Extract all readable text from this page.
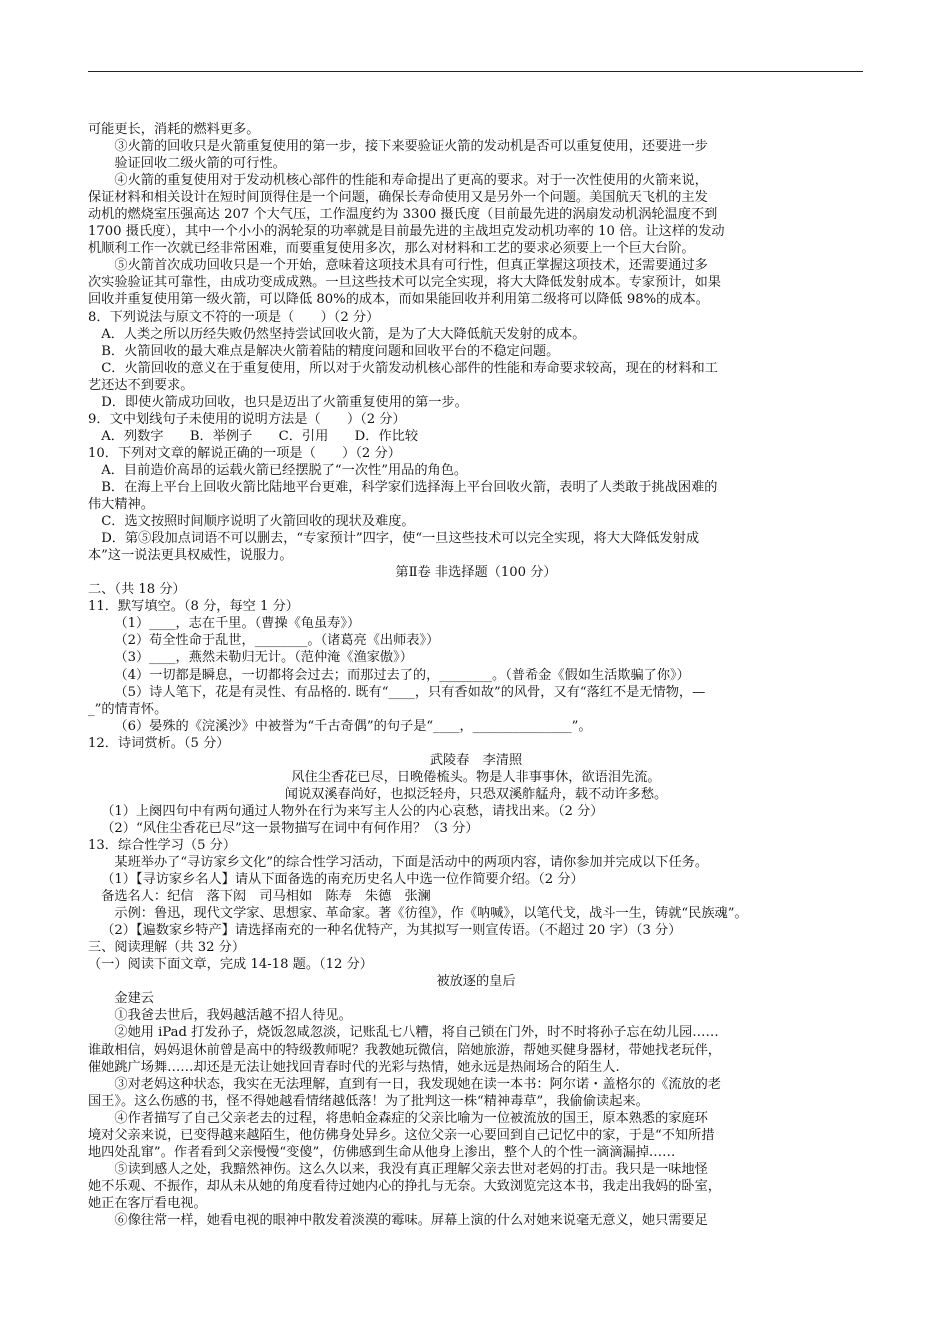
可能更长，消耗的燃料更多。

③火箭的回收只是火箭重复使用的第一步，接下来要验证火箭的发动机是否可以重复使用，还要进一步

验证回收二级火箭的可行性。

④火箭的重复使用对于发动机核心部件的性能和寿命提出了更高的要求。对于一次性使用的火箭来说，

保证材料和相关设计在短时间顶得住是一个问题，确保长寿命使用又是另外一个问题。美国航天飞机的主发

动机的燃烧室压强高达 207 个大气压，工作温度约为 3300 摄氏度（目前最先进的涡扇发动机涡轮温度不到

1700 摄氏度），其中一个小小的涡轮泵的功率就是目前最先进的主战坦克发动机功率的 10 倍。让这样的发动

机顺利工作一次就已经非常困难，而要重复使用多次，那么对材料和工艺的要求必须要上一个巨大台阶。

⑤火箭首次成功回收只是一个开始，意味着这项技术具有可行性，但真正掌握这项技术，还需要通过多

次实验验证其可靠性，由成功变成成熟。一旦这些技术可以完全实现，将大大降低发射成本。专家预计，如果

回收并重复使用第一级火箭，可以降低 80%的成本，而如果能回收并利用第二级将可以降低 98%的成本。

8．下列说法与原文不符的一项是（　　）（2 分）

A．人类之所以历经失败仍然坚持尝试回收火箭，是为了大大降低航天发射的成本。

B．火箭回收的最大难点是解决火箭着陆的精度问题和回收平台的不稳定问题。

C．火箭回收的意义在于重复使用，所以对于火箭发动机核心部件的性能和寿命要求较高，现在的材料和工

艺还达不到要求。

D．即使火箭成功回收，也只是迈出了火箭重复使用的第一步。

9．文中划线句子未使用的说明方法是（　　）（2 分）

A．列数字　　B．举例子　　C．引用　　D．作比较

10．下列对文章的解说正确的一项是（　　）（2 分）

A．目前造价高昂的运载火箭已经摆脱了“一次性”用品的角色。

B．在海上平台上回收火箭比陆地平台更难，科学家们选择海上平台回收火箭，表明了人类敢于挑战困难的

伟大精神。

C．选文按照时间顺序说明了火箭回收的现状及难度。

D．第⑤段加点词语不可以删去，“专家预计”四字，使“一旦这些技术可以完全实现，将大大降低发射成

本”这一说法更具权威性，说服力。

第Ⅱ卷 非选择题（100 分）

二、（共 18 分）

11．默写填空。（8 分，每空 1 分）

（1）____，志在千里。（曹操《龟虽寿》）

（2）苟全性命于乱世，________。（诸葛亮《出师表》）

（3）____，燕然未勒归无计。（范仲淹《渔家傲》）

（4）一切都是瞬息，一切都将会过去；而那过去了的，________。（普希金《假如生活欺骗了你》）

（5）诗人笔下，花是有灵性、有品格的. 既有“____，只有香如故”的风骨，又有“落红不是无情物，—

_”的情青怀。

（6）晏殊的《浣溪沙》中被誉为“千古奇偶”的句子是“____，_______________”。

12．诗词赏析。（5 分）

武陵春　李清照

风住尘香花已尽，日晚倦梳头。物是人非事事休，欲语泪先流。

闻说双溪春尚好，也拟泛轻舟，只恐双溪舴艋舟，载不动许多愁。

（1）上阕四句中有两句通过人物外在行为来写主人公的内心哀愁，请找出来。（2 分）

（2）“风住尘香花已尽”这一景物描写在词中有何作用？（3 分）

13．综合性学习（5 分）

某班举办了“寻访家乡文化”的综合性学习活动，下面是活动中的两项内容，请你参加并完成以下任务。

（1）【寻访家乡名人】请从下面备选的南充历史名人中选一位作简要介绍。（2 分）

备选名人：纪信　落下闳　司马相如　陈寿　朱德　张澜

示例：鲁迅，现代文学家、思想家、革命家。著《彷徨》，作《呐喊》，以笔代戈，战斗一生，铸就“民族魂”。

（2）【遍数家乡特产】请选择南充的一种名优特产，为其拟写一则宣传语。（不超过 20 字）（3 分）

三、阅读理解（共 32 分）

（一）阅读下面文章，完成 14-18 题。（12 分）

被放逐的皇后

金建云

①我爸去世后，我妈越活越不招人待见。

②她用 iPad 打发孙子，烧饭忽咸忽淡，记账乱七八糟，将自己锁在门外，时不时将孙子忘在幼儿园……

谁敢相信，妈妈退休前曾是高中的特级教师呢？我教她玩微信，陪她旅游，帮她买健身器材，带她找老玩伴，

催她跳广场舞……却还是无法让她找回青春时代的光彩与热情，她永远是热闹场合的陌生人.

③对老妈这种状态，我实在无法理解，直到有一日，我发现她在读一本书：阿尔诺・盖格尔的《流放的老

国王》。这么伤感的书，怪不得她越看情绪越低落！为了批判这一株“精神毒草”，我偷偷读起来。

④作者描写了自己父亲老去的过程，将患帕金森症的父亲比喻为一位被流放的国王，原本熟悉的家庭环

境对父亲来说，已变得越来越陌生，他仿佛身处异乡。这位父亲一心要回到自己记忆中的家，于是“不知所措

地四处乱窜”。作者看到父亲慢慢“变傻”，仿佛感到生命从他身上渗出，整个人的个性一滴滴漏掉……

⑤读到感人之处，我黯然神伤。这么久以来，我没有真正理解父亲去世对老妈的打击。我只是一味地怪

她不乐观、不振作，却从未从她的角度看待过她内心的挣扎与无奈。大致浏览完这本书，我走出我妈的卧室，

她正在客厅看电视。

⑥像往常一样，她看电视的眼神中散发着淡漠的霉味。屏幕上演的什么对她来说毫无意义，她只需要足
